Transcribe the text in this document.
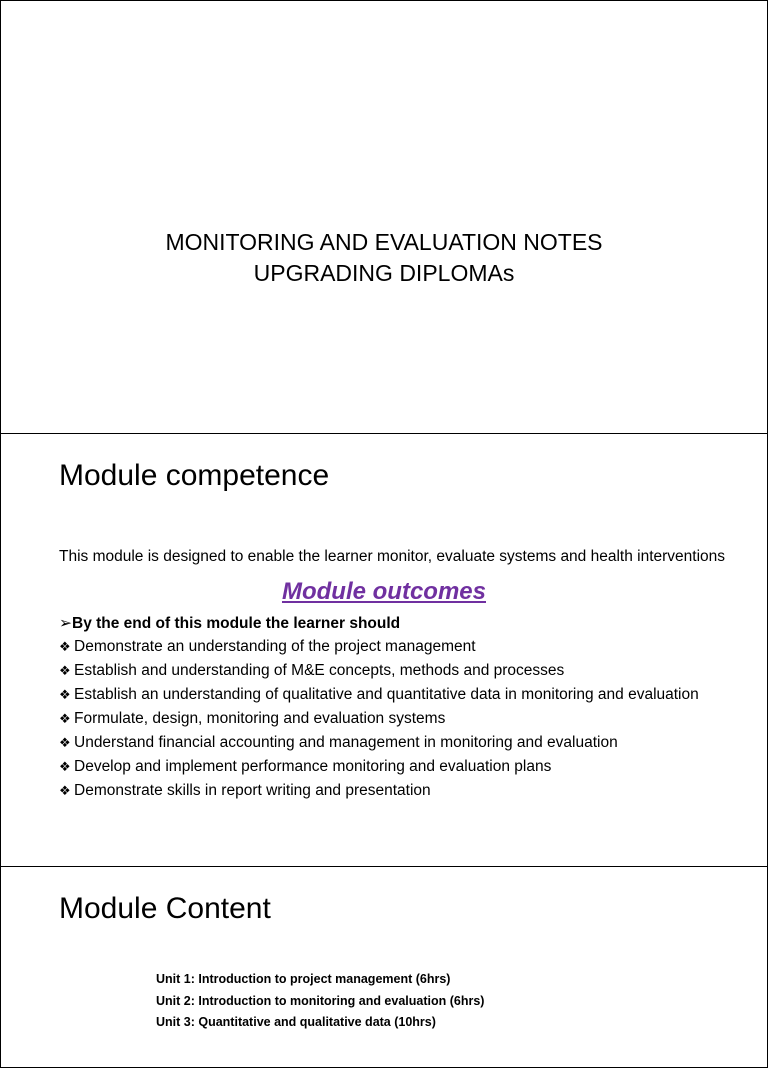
MONITORING AND EVALUATION NOTES
UPGRADING DIPLOMAs
Module competence
This module is designed to enable the learner monitor, evaluate systems and health interventions
Module outcomes
➢By the end of this module the learner should
❖ Demonstrate an understanding of the project management
❖ Establish and understanding of M&E concepts, methods and processes
❖ Establish an understanding of qualitative and quantitative data in monitoring and evaluation
❖ Formulate, design, monitoring and evaluation systems
❖ Understand financial accounting and management in monitoring and evaluation
❖ Develop and implement performance monitoring and evaluation plans
❖ Demonstrate skills in report writing and presentation
Module Content
Unit 1: Introduction to project management (6hrs)
Unit 2: Introduction to monitoring and evaluation (6hrs)
Unit 3: Quantitative and qualitative data (10hrs)
